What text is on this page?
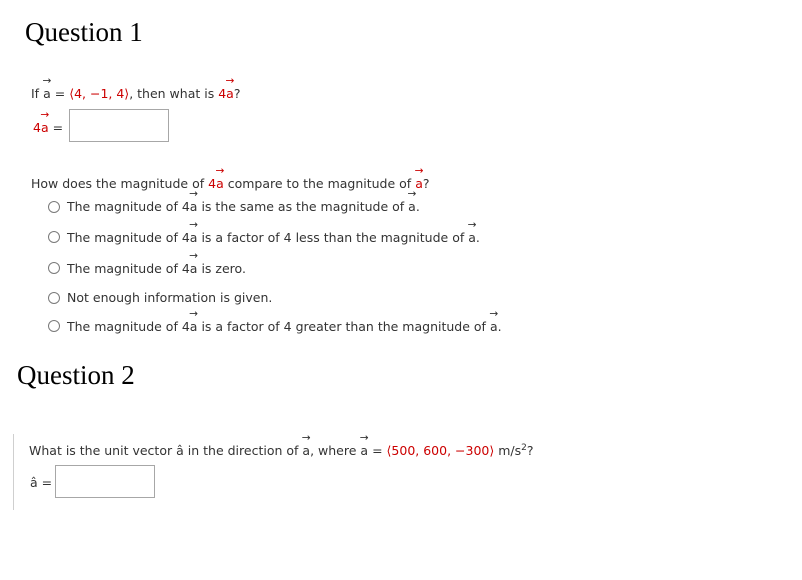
Question 1
If → a = ⟨4, −1, 4⟩, then what is 4→ a?
4→ a =
How does the magnitude of 4→ a compare to the magnitude of → a?
The magnitude of 4→ a is the same as the magnitude of → a.
The magnitude of 4→ a is a factor of 4 less than the magnitude of → a.
The magnitude of 4→ a is zero.
Not enough information is given.
The magnitude of 4→ a is a factor of 4 greater than the magnitude of → a.
Question 2
What is the unit vector â in the direction of → a, where → a = ⟨500, 600, −300⟩ $m/s^2$?
â =
